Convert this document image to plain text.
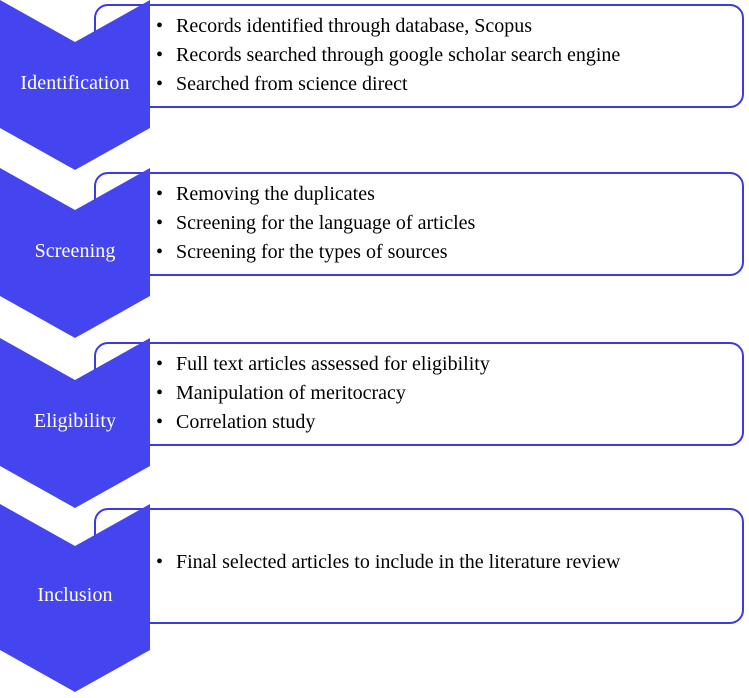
Identification
• Records identified through database, Scopus
• Records searched through google scholar search engine
• Searched from science direct
Screening
• Removing the duplicates
• Screening for the language of articles
• Screening for the types of sources
Eligibility
• Full text articles assessed for eligibility
• Manipulation of meritocracy
• Correlation study
Inclusion
• Final selected articles to include in the literature review
